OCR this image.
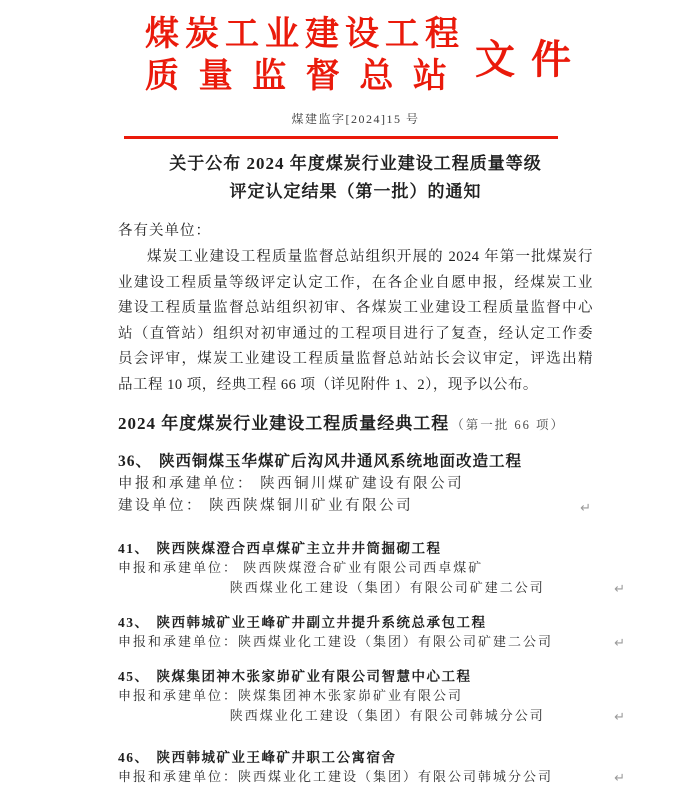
煤炭工业建设工程
质量监督总站 文件
煤建监字[2024]15 号
关于公布 2024 年度煤炭行业建设工程质量等级
评定认定结果（第一批）的通知
各有关单位：
煤炭工业建设工程质量监督总站组织开展的 2024 年第一批煤炭行
业建设工程质量等级评定认定工作，在各企业自愿申报，经煤炭工业
建设工程质量监督总站组织初审、各煤炭工业建设工程质量监督中心
站（直管站）组织对初审通过的工程项目进行了复查，经认定工作委
员会评审，煤炭工业建设工程质量监督总站站长会议审定，评选出精
品工程 10 项，经典工程 66 项（详见附件 1、2），现予以公布。
2024 年度煤炭行业建设工程质量经典工程 （第一批 66 项）
36、 陕西铜煤玉华煤矿后沟风井通风系统地面改造工程
申报和承建单位： 陕西铜川煤矿建设有限公司
建设单位： 陕西陕煤铜川矿业有限公司	↵
41、 陕西陕煤澄合西卓煤矿主立井井筒掘砌工程
申报和承建单位： 陕西陕煤澄合矿业有限公司西卓煤矿
陕西煤业化工建设（集团）有限公司矿建二公司	↵
43、 陕西韩城矿业王峰矿井副立井提升系统总承包工程
申报和承建单位：陕西煤业化工建设（集团）有限公司矿建二公司	↵
45、 陕煤集团神木张家峁矿业有限公司智慧中心工程
申报和承建单位：陕煤集团神木张家峁矿业有限公司
陕西煤业化工建设（集团）有限公司韩城分公司	↵
46、 陕西韩城矿业王峰矿井职工公寓宿舍
申报和承建单位：陕西煤业化工建设（集团）有限公司韩城分公司	↵
